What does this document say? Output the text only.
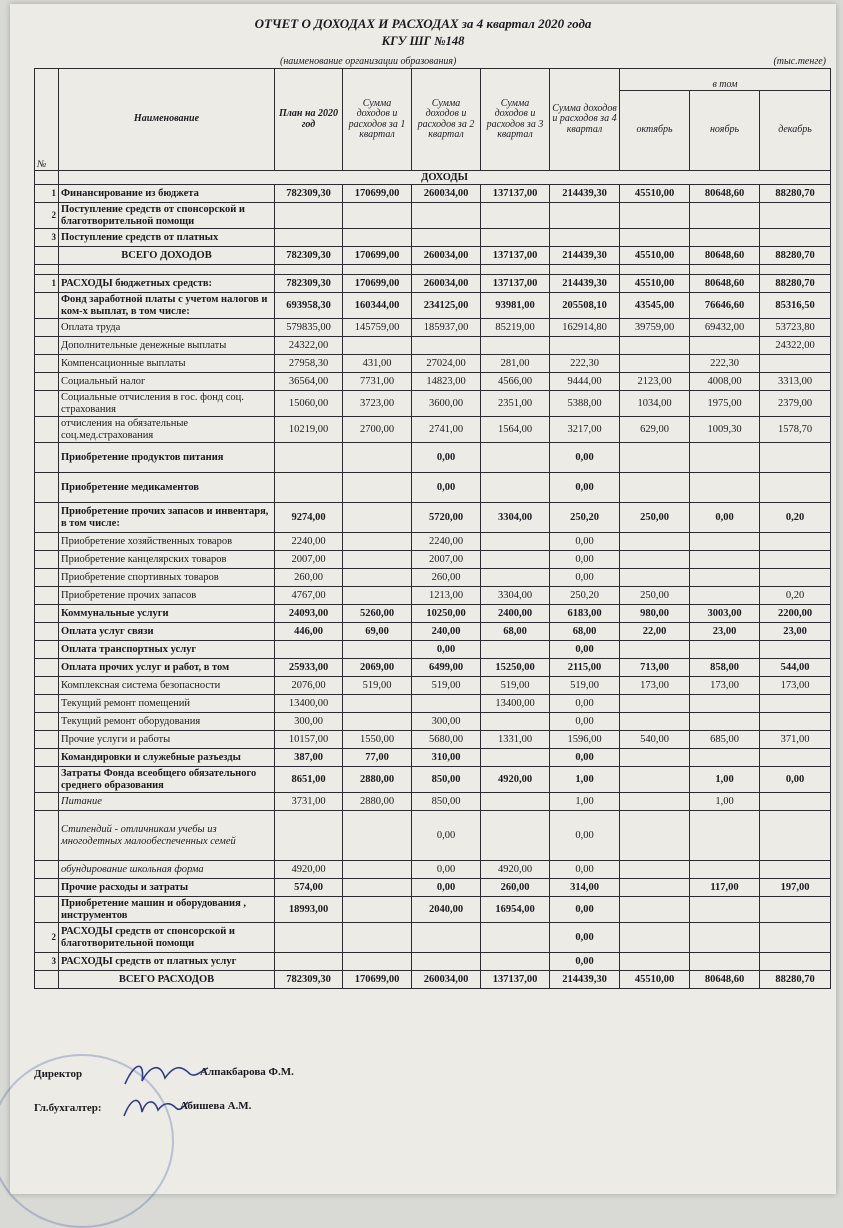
ОТЧЕТ О ДОХОДАХ И РАСХОДАХ за 4 квартал 2020 года
КГУ ШГ №148
(наименование организации образования)	(тыс.тенге)
№	Наименование	План на 2020 год	Сумма доходов и расходов за 1 квартал	Сумма доходов и расходов за 2 квартал	Сумма доходов и расходов за 3 квартал	Сумма доходов и расходов за 4 квартал	в том		
							октябрь	ноябрь	декабрь
	ДОХОДЫ								
1	Финансирование из бюджета	782309,30	170699,00	260034,00	137137,00	214439,30	45510,00	80648,60	88280,70
2	Поступление средств от спонсорской и благотворительной помощи								
3	Поступление средств от платных								
	ВСЕГО ДОХОДОВ	782309,30	170699,00	260034,00	137137,00	214439,30	45510,00	80648,60	88280,70

1	РАСХОДЫ бюджетных средств:	782309,30	170699,00	260034,00	137137,00	214439,30	45510,00	80648,60	88280,70
	Фонд заработной платы с учетом налогов и ком-х выплат, в том числе:	693958,30	160344,00	234125,00	93981,00	205508,10	43545,00	76646,60	85316,50
	Оплата труда	579835,00	145759,00	185937,00	85219,00	162914,80	39759,00	69432,00	53723,80
	Дополнительные денежные выплаты	24322,00							24322,00
	Компенсационные выплаты	27958,30	431,00	27024,00	281,00	222,30		222,30	
	Социальный налог	36564,00	7731,00	14823,00	4566,00	9444,00	2123,00	4008,00	3313,00
	Социальные отчисления в гос. фонд соц. страхования	15060,00	3723,00	3600,00	2351,00	5388,00	1034,00	1975,00	2379,00
	отчисления на обязательные соц.мед.страхования	10219,00	2700,00	2741,00	1564,00	3217,00	629,00	1009,30	1578,70
	Приобретение продуктов питания			0,00		0,00			
	Приобретение медикаментов			0,00		0,00			
	Приобретение прочих запасов и инвентаря, в том числе:	9274,00		5720,00	3304,00	250,20	250,00	0,00	0,20
	Приобретение хозяйственных товаров	2240,00		2240,00		0,00			
	Приобретение канцелярских товаров	2007,00		2007,00		0,00			
	Приобретение спортивных товаров	260,00		260,00		0,00			
	Приобретение прочих запасов	4767,00		1213,00	3304,00	250,20	250,00		0,20
	Коммунальные услуги	24093,00	5260,00	10250,00	2400,00	6183,00	980,00	3003,00	2200,00
	Оплата услуг связи	446,00	69,00	240,00	68,00	68,00	22,00	23,00	23,00
	Оплата транспортных услуг			0,00		0,00			
	Оплата прочих услуг и работ, в том	25933,00	2069,00	6499,00	15250,00	2115,00	713,00	858,00	544,00
	Комплексная система безопасности	2076,00	519,00	519,00	519,00	519,00	173,00	173,00	173,00
	Текущий ремонт помещений	13400,00			13400,00	0,00			
	Текущий ремонт оборудования	300,00		300,00		0,00			
	Прочие услуги и работы	10157,00	1550,00	5680,00	1331,00	1596,00	540,00	685,00	371,00
	Командировки и служебные разъезды	387,00	77,00	310,00		0,00			
	Затраты Фонда всеобщего обязательного среднего образования	8651,00	2880,00	850,00	4920,00	1,00		1,00	0,00
	Питание	3731,00	2880,00	850,00		1,00		1,00	
	Стипендий - отличникам учебы из многодетных малообеспеченных семей			0,00		0,00			
	обундирование школьная форма	4920,00		0,00	4920,00	0,00			
	Прочие расходы и затраты	574,00		0,00	260,00	314,00		117,00	197,00
	Приобретение машин и оборудования , инструментов	18993,00		2040,00	16954,00	0,00			
2	РАСХОДЫ средств от спонсорской и благотворительной помощи					0,00			
3	РАСХОДЫ средств от платных услуг					0,00			
	ВСЕГО РАСХОДОВ	782309,30	170699,00	260034,00	137137,00	214439,30	45510,00	80648,60	88280,70
Директор	Алпакбарова Ф.М.
Гл.бухгалтер:	Абишева А.М.
